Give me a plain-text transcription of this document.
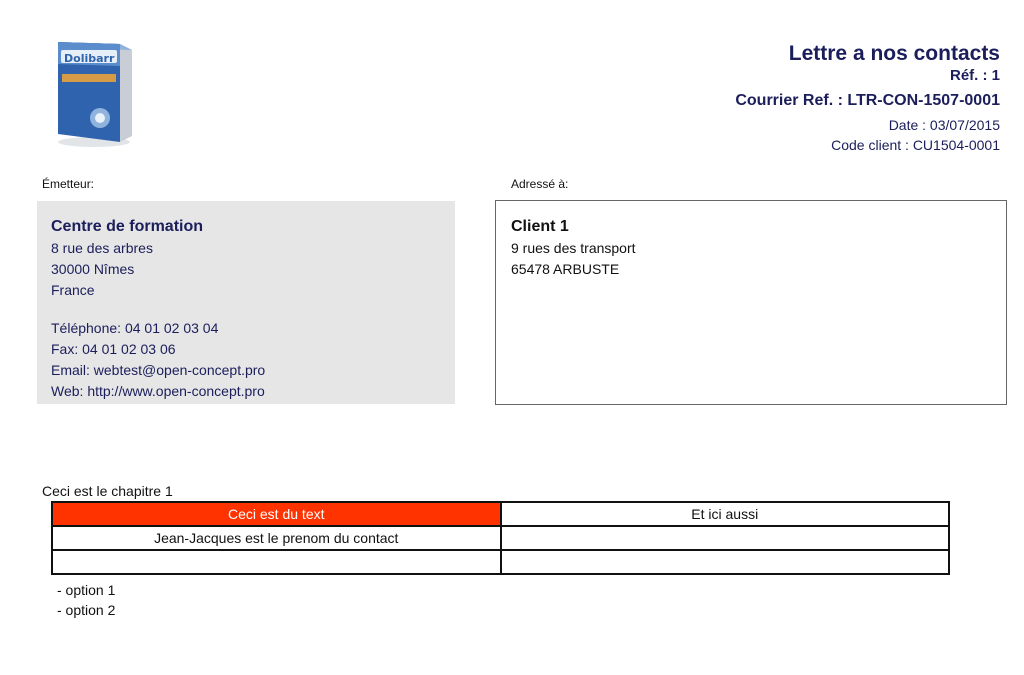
Dolibarr	Lettre a nos contacts
Réf. : 1
Courrier Ref. : LTR-CON-1507-0001
Date : 03/07/2015
Code client : CU1504-0001
Émetteur:	Adressé à:
Centre de formation
8 rue des arbres
30000 Nîmes
France
Téléphone: 04 01 02 03 04
Fax: 04 01 02 03 06
Email: webtest@open-concept.pro
Web: http://www.open-concept.pro
Client 1
9 rues des transport
65478 ARBUSTE
Ceci est le chapitre 1
Ceci est du text	Et ici aussi
Jean-Jacques est le prenom du contact	

- option 1
- option 2
